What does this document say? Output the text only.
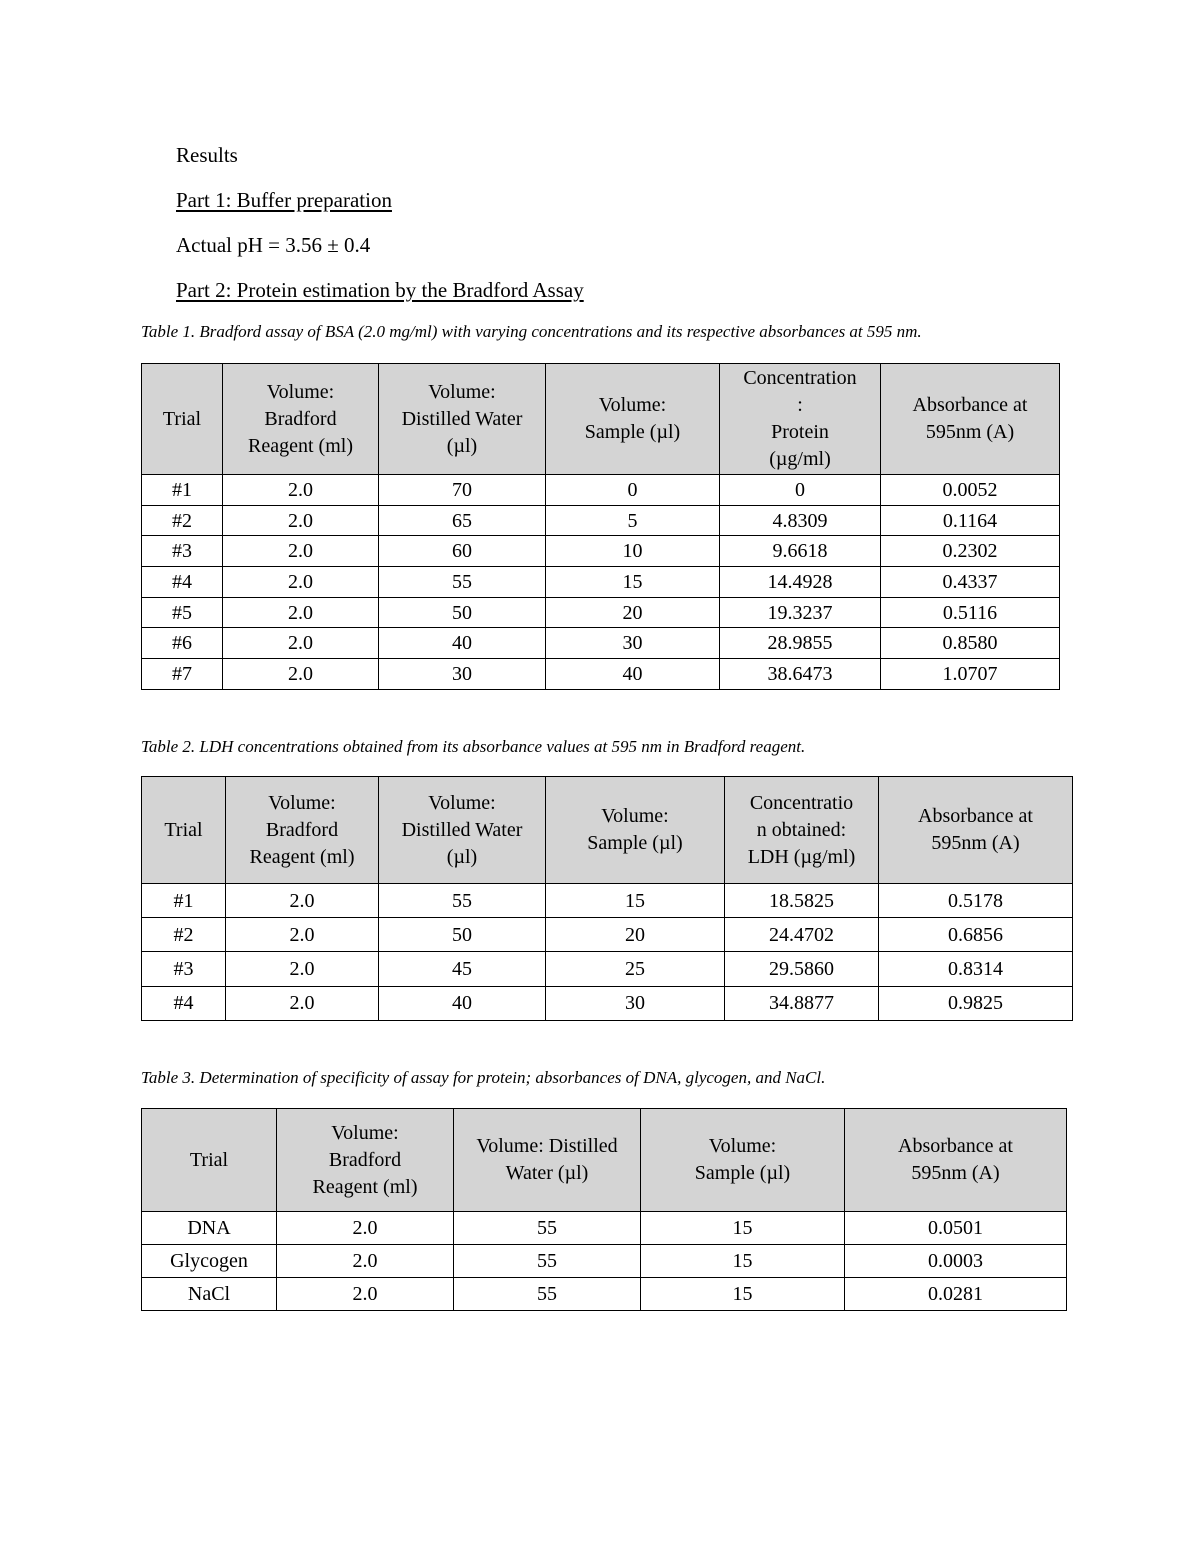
Results
Part 1: Buffer preparation
Actual pH = 3.56 ± 0.4
Part 2: Protein estimation by the Bradford Assay
Table 1. Bradford assay of BSA (2.0 mg/ml) with varying concentrations and its respective absorbances at 595 nm.
Trial	Volume:
Bradford
Reagent (ml)	Volume:
Distilled Water
(µl)	Volume:
Sample (µl)	Concentration
:
Protein
(µg/ml)	Absorbance at
595nm (A)
#1	2.0	70	0	0	0.0052
#2	2.0	65	5	4.8309	0.1164
#3	2.0	60	10	9.6618	0.2302
#4	2.0	55	15	14.4928	0.4337
#5	2.0	50	20	19.3237	0.5116
#6	2.0	40	30	28.9855	0.8580
#7	2.0	30	40	38.6473	1.0707
Table 2. LDH concentrations obtained from its absorbance values at 595 nm in Bradford reagent.
Trial	Volume:
Bradford
Reagent (ml)	Volume:
Distilled Water
(µl)	Volume:
Sample (µl)	Concentratio
n obtained:
LDH (µg/ml)	Absorbance at
595nm (A)
#1	2.0	55	15	18.5825	0.5178
#2	2.0	50	20	24.4702	0.6856
#3	2.0	45	25	29.5860	0.8314
#4	2.0	40	30	34.8877	0.9825
Table 3. Determination of specificity of assay for protein; absorbances of DNA, glycogen, and NaCl.
Trial	Volume:
Bradford
Reagent (ml)	Volume: Distilled
Water (µl)	Volume:
Sample (µl)	Absorbance at
595nm (A)
DNA	2.0	55	15	0.0501
Glycogen	2.0	55	15	0.0003
NaCl	2.0	55	15	0.0281
